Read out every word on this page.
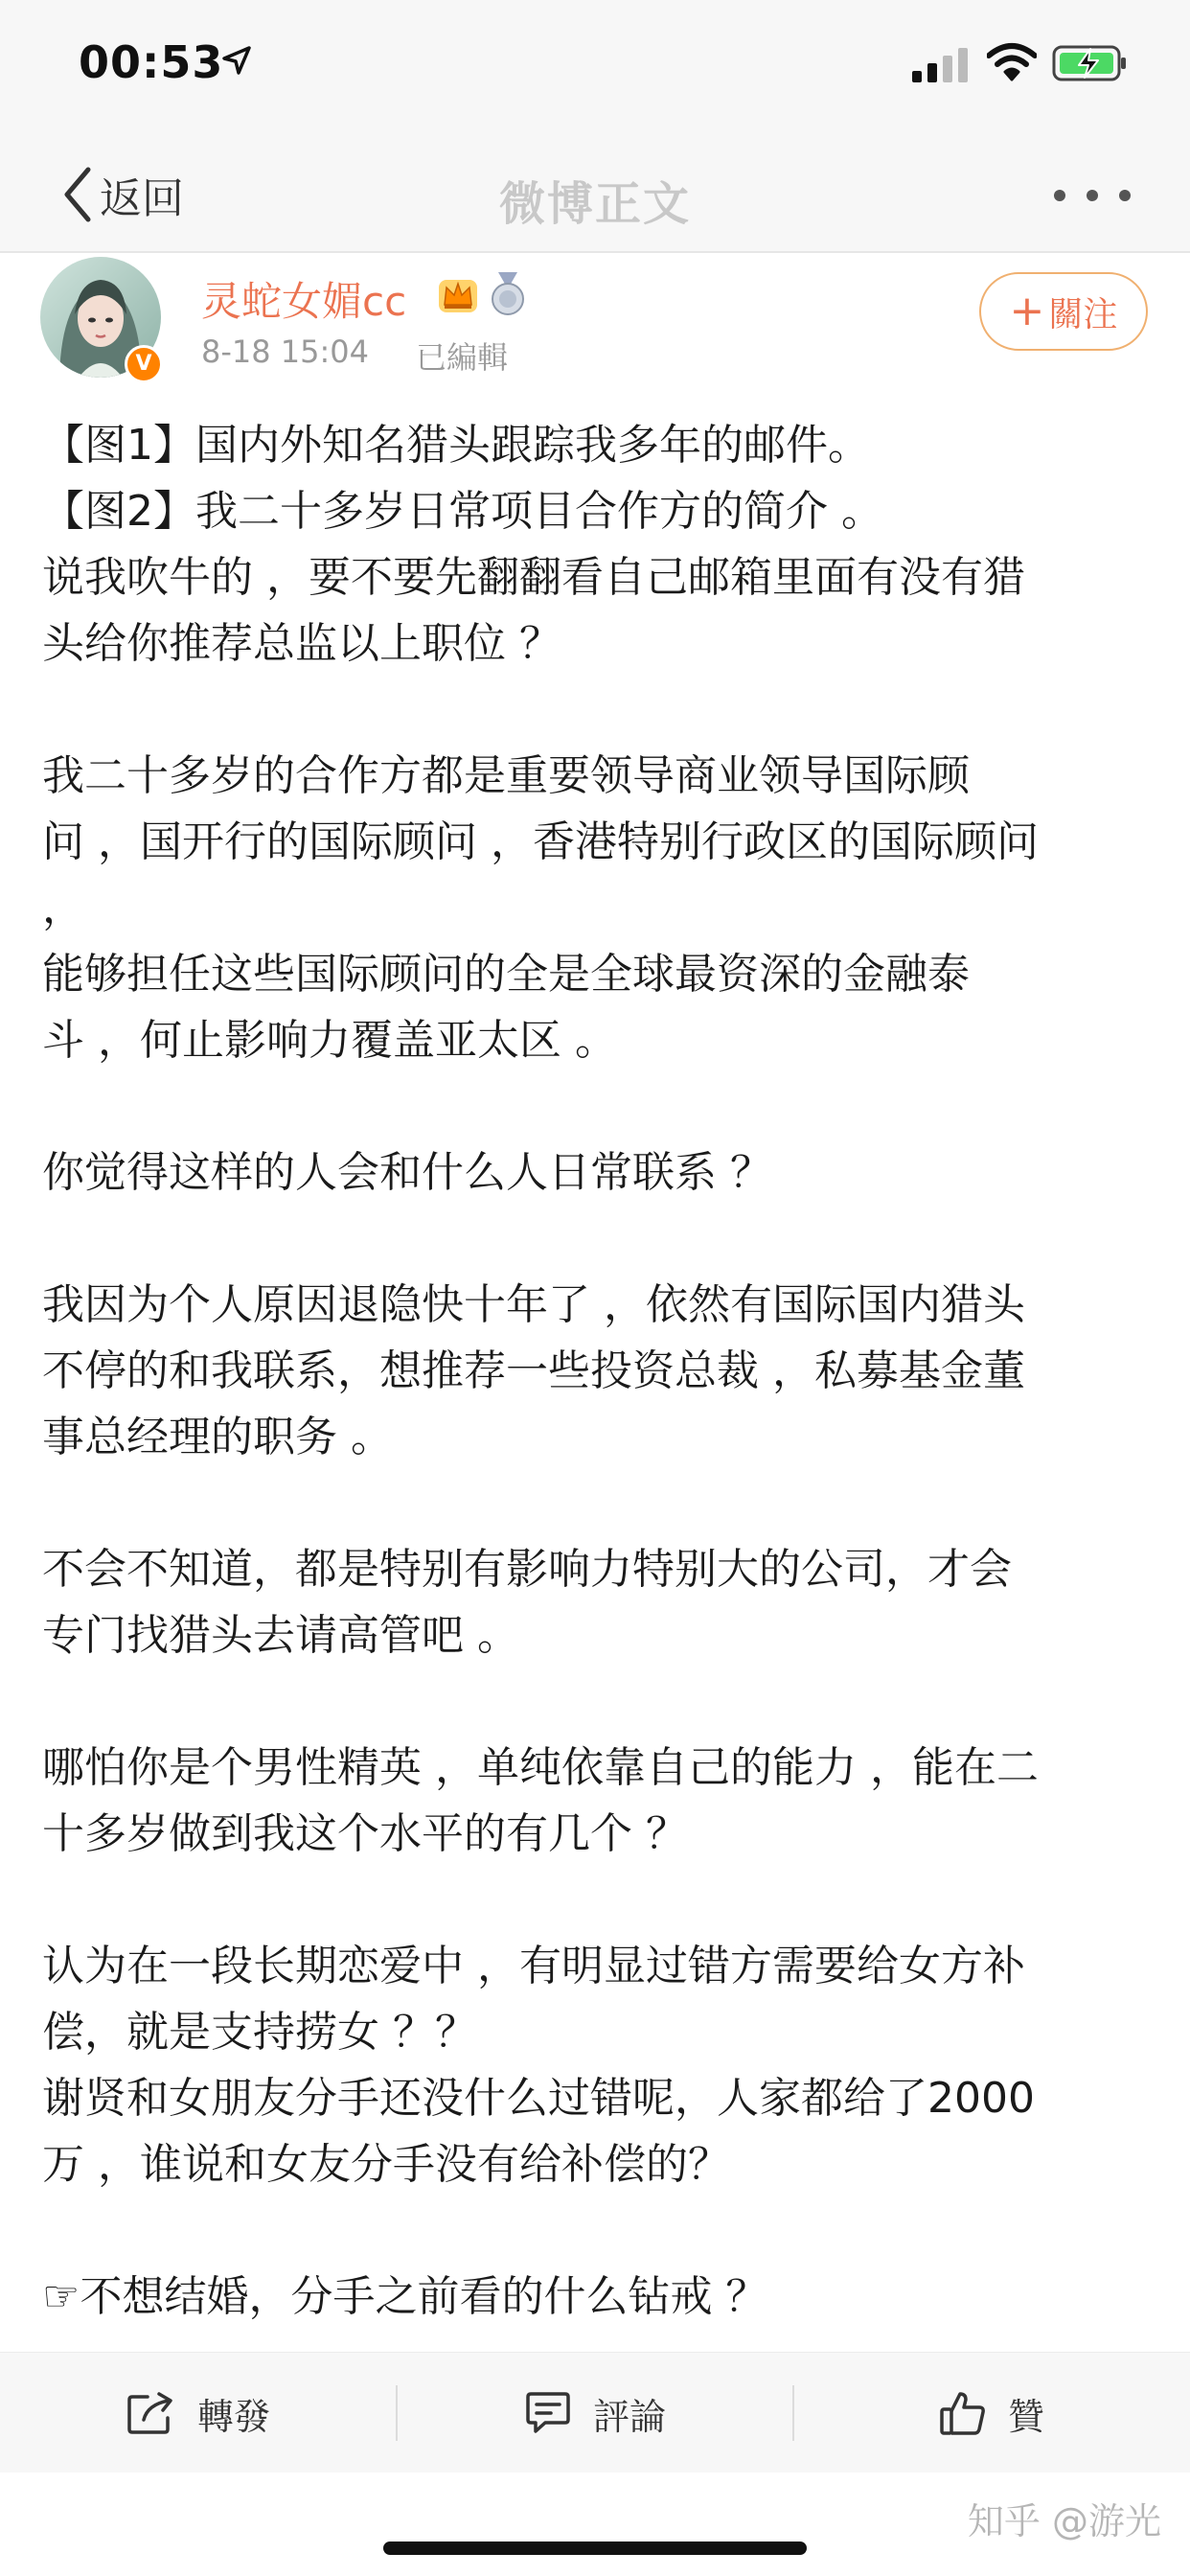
00:53
返回	微博正文
V
灵蛇女媚cc
8-18 15:04 已編輯
+ 關注
【图1】国内外知名猎头跟踪我多年的邮件。
【图2】我二十多岁日常项目合作方的简介 。
说我吹牛的 ，要不要先翻翻看自己邮箱里面有没有猎
头给你推荐总监以上职位 ？
我二十多岁的合作方都是重要领导商业领导国际顾
问 ，国开行的国际顾问 ，香港特别行政区的国际顾问
，
能够担任这些国际顾问的全是全球最资深的金融泰
斗 ，何止影响力覆盖亚太区 。
你觉得这样的人会和什么人日常联系 ？
我因为个人原因退隐快十年了 ，依然有国际国内猎头
不停的和我联系，想推荐一些投资总裁 ，私募基金董
事总经理的职务 。
不会不知道，都是特别有影响力特别大的公司，才会
专门找猎头去请高管吧 。
哪怕你是个男性精英 ，单纯依靠自己的能力 ，能在二
十多岁做到我这个水平的有几个 ？
认为在一段长期恋爱中 ，有明显过错方需要给女方补
偿，就是支持捞女 ？？
谢贤和女朋友分手还没什么过错呢，人家都给了2000
万 ，谁说和女友分手没有给补偿的？
☞不想结婚，分手之前看的什么钻戒 ？
轉發	評論	贊
知乎 @游光
